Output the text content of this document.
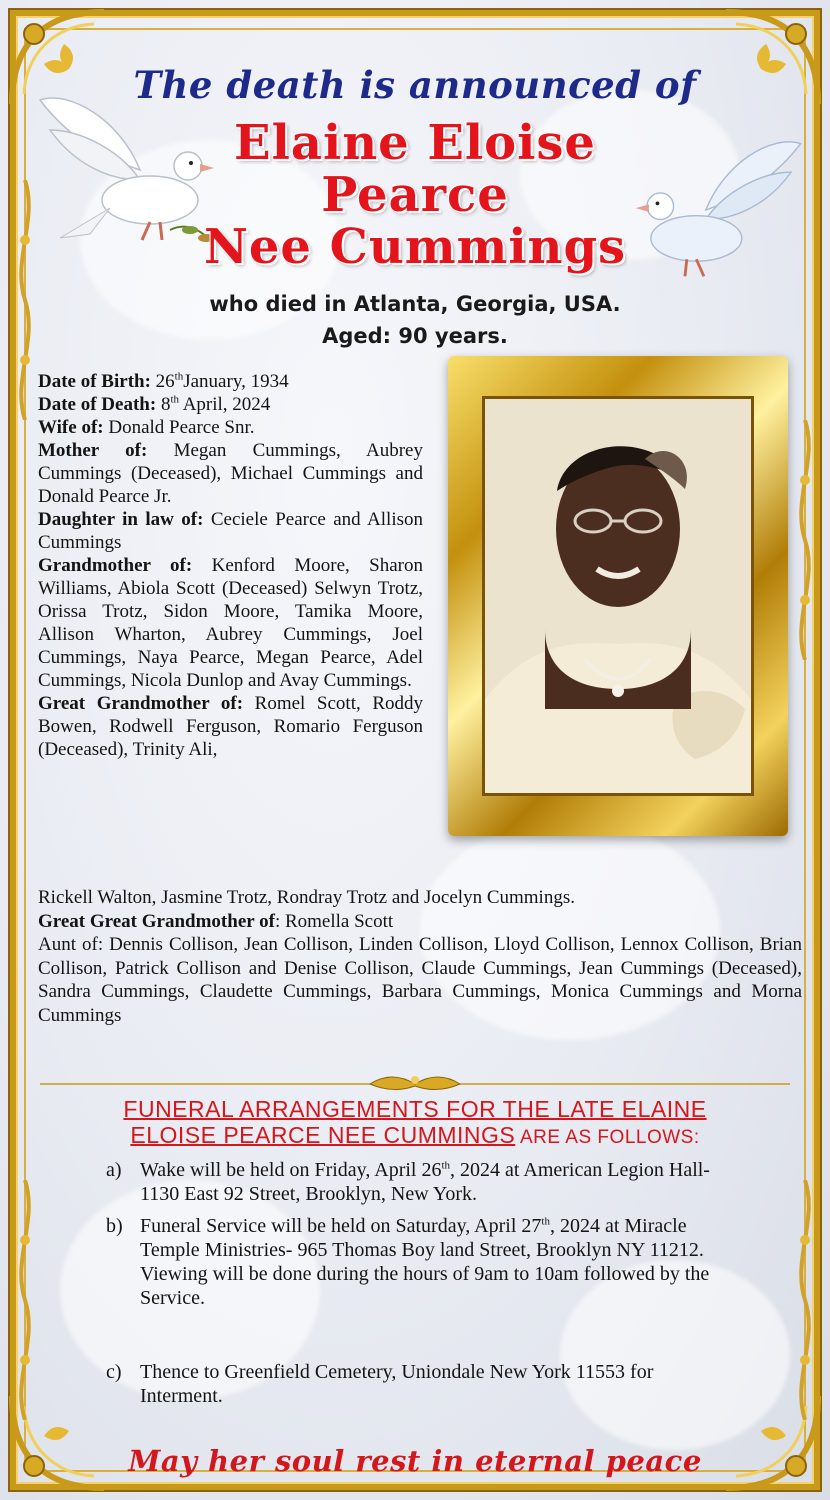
The death is announced of
Elaine Eloise
Pearce
Nee Cummings
who died in Atlanta, Georgia, USA.
Aged: 90 years.

Date of Birth: 26thJanuary, 1934

Date of Death: 8th April, 2024

Wife of: Donald Pearce Snr.

Mother of: Megan Cummings, Aubrey Cummings (Deceased), Michael Cummings and Donald Pearce Jr.

Daughter in law of: Ceciele Pearce and Allison Cummings

Grandmother of: Kenford Moore, Sharon Williams, Abiola Scott (Deceased) Selwyn Trotz, Orissa Trotz, Sidon Moore, Tamika Moore, Allison Wharton, Aubrey Cummings, Joel Cummings, Naya Pearce, Megan Pearce, Adel Cummings, Nicola Dunlop and Avay Cummings.

Great Grandmother of: Romel Scott, Roddy Bowen, Rodwell Ferguson, Romario Ferguson (Deceased), Trinity Ali,

Rickell Walton, Jasmine Trotz, Rondray Trotz and Jocelyn Cummings.

Great Great Grandmother of: Romella Scott

Aunt of: Dennis Collison, Jean Collison, Linden Collison, Lloyd Collison, Lennox Collison, Brian Collison, Patrick Collison and Denise Collison, Claude Cummings, Jean Cummings (Deceased), Sandra Cummings, Claudette Cummings, Barbara Cummings, Monica Cummings and Morna Cummings

FUNERAL ARRANGEMENTS FOR THE LATE ELAINE
ELOISE PEARCE NEE CUMMINGS ARE AS FOLLOWS:
a) Wake will be held on Friday, April 26th, 2024 at American Legion Hall- 1130 East 92 Street, Brooklyn, New York.
b) Funeral Service will be held on Saturday, April 27th, 2024 at Miracle Temple Ministries- 965 Thomas Boy land Street, Brooklyn NY 11212.
Viewing will be done during the hours of 9am to 10am followed by the Service.
c) Thence to Greenfield Cemetery, Uniondale New York 11553 for Interment.
May her soul rest in eternal peace
